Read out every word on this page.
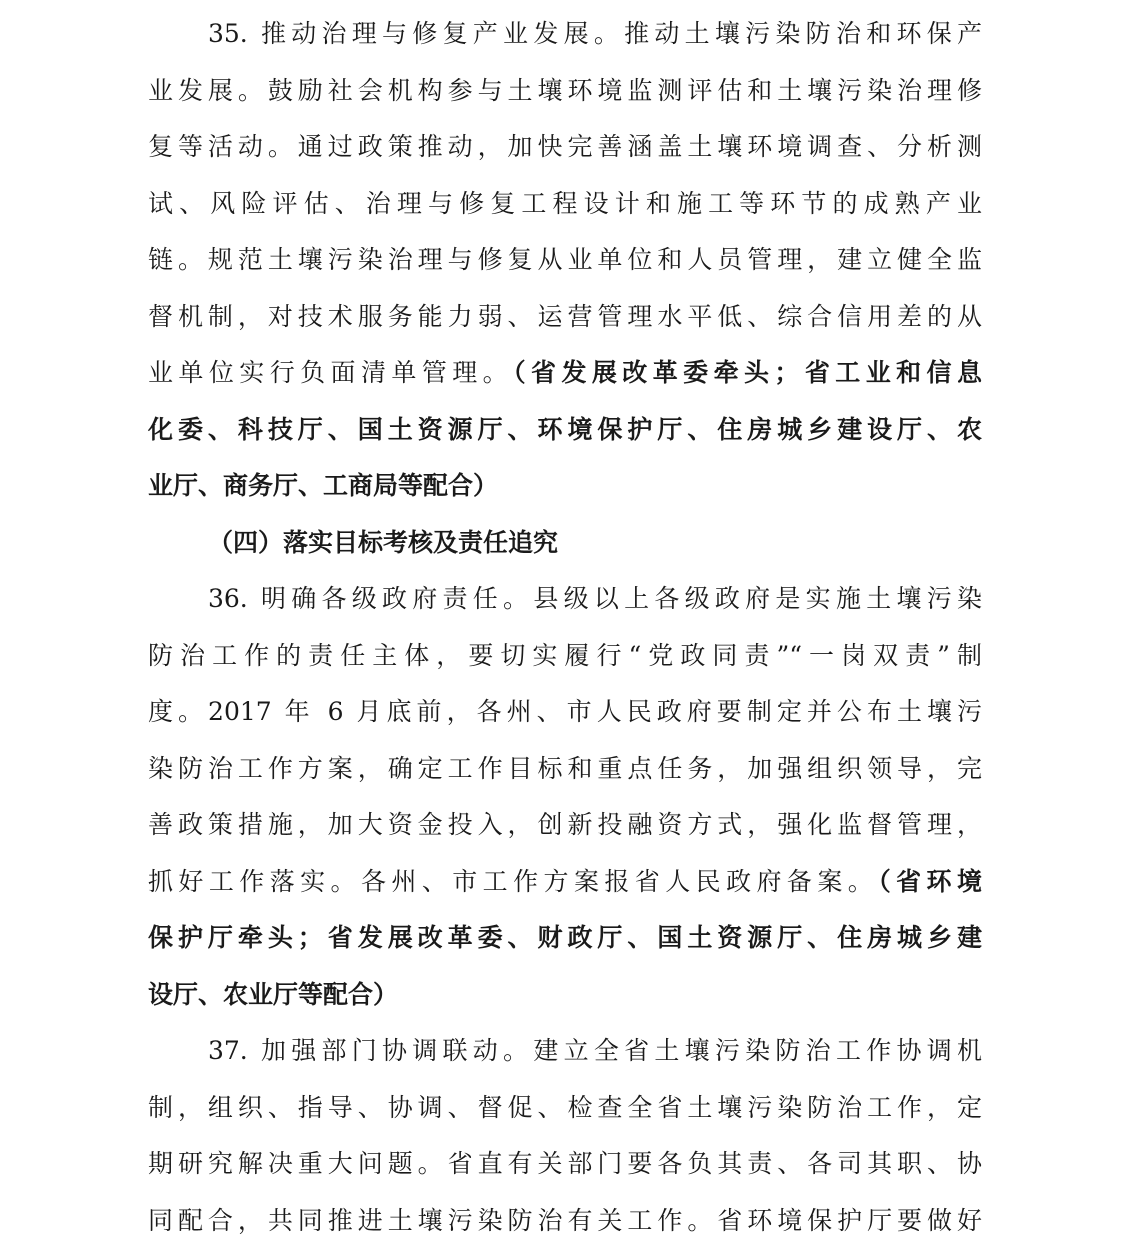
35. 推动治理与修复产业发展。推动土壤污染防治和环保产
业发展。鼓励社会机构参与土壤环境监测评估和土壤污染治理修
复等活动。通过政策推动，加快完善涵盖土壤环境调查、分析测
试、风险评估、治理与修复工程设计和施工等环节的成熟产业
链。规范土壤污染治理与修复从业单位和人员管理，建立健全监
督机制，对技术服务能力弱、运营管理水平低、综合信用差的从
业单位实行负面清单管理。（省发展改革委牵头；省工业和信息
化委、科技厅、国土资源厅、环境保护厅、住房城乡建设厅、农
业厅、商务厅、工商局等配合）
（四）落实目标考核及责任追究
36. 明确各级政府责任。县级以上各级政府是实施土壤污染
防治工作的责任主体，要切实履行“党政同责”“一岗双责”制
度。2017 年 6 月底前，各州、市人民政府要制定并公布土壤污
染防治工作方案，确定工作目标和重点任务，加强组织领导，完
善政策措施，加大资金投入，创新投融资方式，强化监督管理，
抓好工作落实。各州、市工作方案报省人民政府备案。（省环境
保护厅牵头；省发展改革委、财政厅、国土资源厅、住房城乡建
设厅、农业厅等配合）
37. 加强部门协调联动。建立全省土壤污染防治工作协调机
制，组织、指导、协调、督促、检查全省土壤污染防治工作，定
期研究解决重大问题。省直有关部门要各负其责、各司其职、协
同配合，共同推进土壤污染防治有关工作。省环境保护厅要做好
